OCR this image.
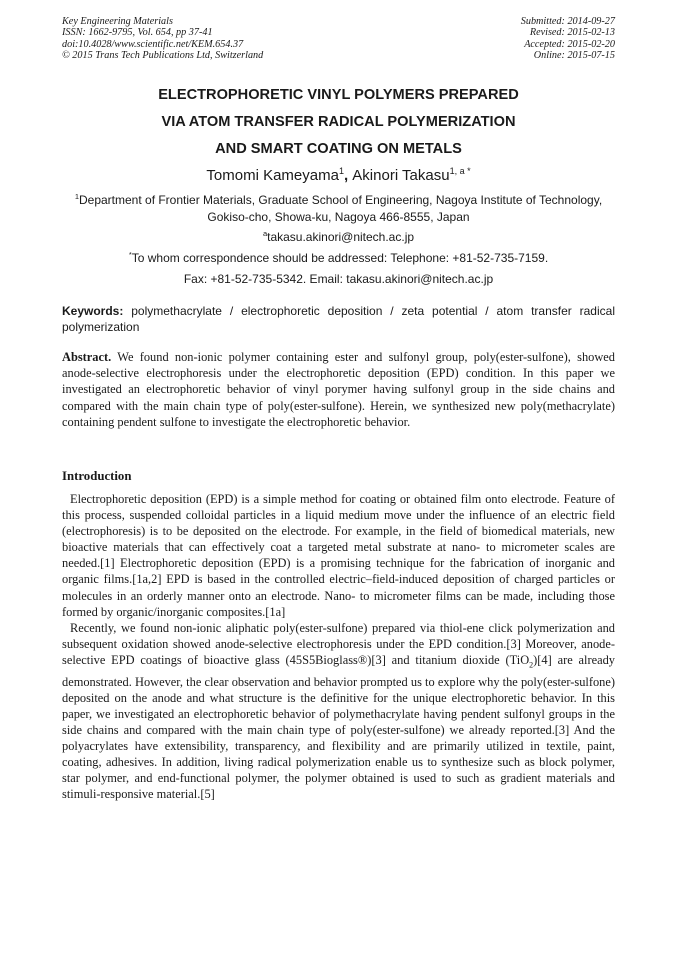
Key Engineering Materials
ISSN: 1662-9795, Vol. 654, pp 37-41
doi:10.4028/www.scientific.net/KEM.654.37
© 2015 Trans Tech Publications Ltd, Switzerland
Submitted: 2014-09-27
Revised: 2015-02-13
Accepted: 2015-02-20
Online: 2015-07-15
ELECTROPHORETIC VINYL POLYMERS PREPARED
VIA ATOM TRANSFER RADICAL POLYMERIZATION
AND SMART COATING ON METALS
Tomomi Kameyama$^1$, Akinori Takasu$^{1, a *}$
$^1$Department of Frontier Materials, Graduate School of Engineering, Nagoya Institute of Technology,
Gokiso-cho, Showa-ku, Nagoya 466-8555, Japan
$^a$takasu.akinori@nitech.ac.jp
*To whom correspondence should be addressed: Telephone: +81-52-735-7159.
Fax: +81-52-735-5342. Email: takasu.akinori@nitech.ac.jp
Keywords: polymethacrylate / electrophoretic deposition / zeta potential / atom transfer radical polymerization
Abstract. We found non-ionic polymer containing ester and sulfonyl group, poly(ester-sulfone), showed anode-selective electrophoresis under the electrophoretic deposition (EPD) condition. In this paper we investigated an electrophoretic behavior of vinyl porymer having sulfonyl group in the side chains and compared with the main chain type of poly(ester-sulfone). Herein, we synthesized new poly(methacrylate) containing pendent sulfone to investigate the electrophoretic behavior.
Introduction

Electrophoretic deposition (EPD) is a simple method for coating or obtained film onto electrode. Feature of this process, suspended colloidal particles in a liquid medium move under the influence of an electric field (electrophoresis) is to be deposited on the electrode. For example, in the field of biomedical materials, new bioactive materials that can effectively coat a targeted metal substrate at nano- to micrometer scales are needed.[1] Electrophoretic deposition (EPD) is a promising technique for the fabrication of inorganic and organic films.[1a,2] EPD is based in the controlled electric–field-induced deposition of charged particles or molecules in an orderly manner onto an electrode. Nano- to micrometer films can be made, including those formed by organic/inorganic composites.[1a]

Recently, we found non-ionic aliphatic poly(ester-sulfone) prepared via thiol-ene click polymerization and subsequent oxidation showed anode-selective electrophoresis under the EPD condition.[3] Moreover, anode-selective EPD coatings of bioactive glass (45S5Bioglass®)[3] and titanium dioxide (TiO$_2$)[4] are already demonstrated. However, the clear observation and behavior prompted us to explore why the poly(ester-sulfone) deposited on the anode and what structure is the definitive for the unique electrophoretic behavior. In this paper, we investigated an electrophoretic behavior of polymethacrylate having pendent sulfonyl groups in the side chains and compared with the main chain type of poly(ester-sulfone) we already reported.[3] And the polyacrylates have extensibility, transparency, and flexibility and are primarily utilized in textile, paint, coating, adhesives. In addition, living radical polymerization enable us to synthesize such as block polymer, star polymer, and end-functional polymer, the polymer obtained is used to such as gradient materials and stimuli-responsive material.[5]
